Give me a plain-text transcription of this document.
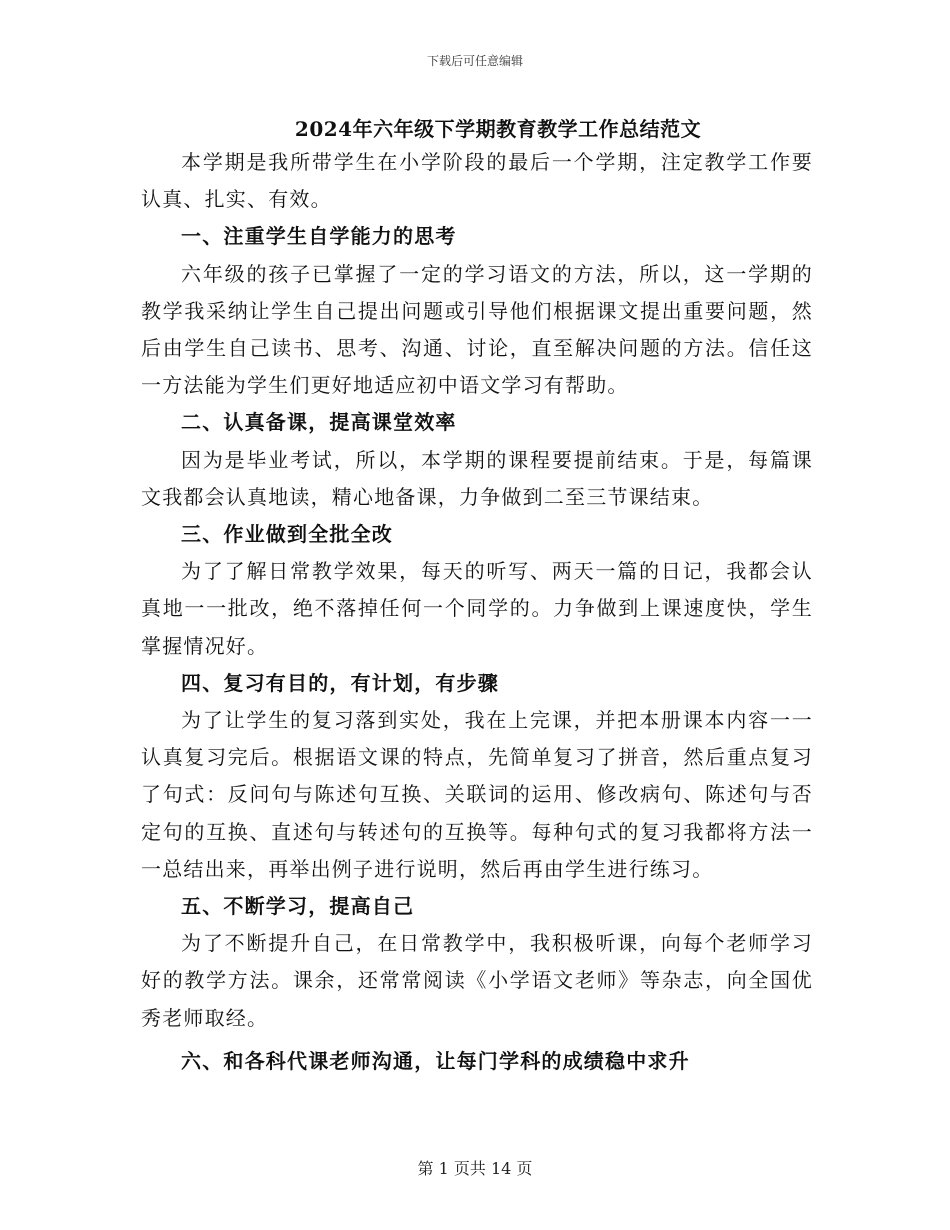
下载后可任意编辑
2024年六年级下学期教育教学工作总结范文

本学期是我所带学生在小学阶段的最后一个学期，注定教学工作要认真、扎实、有效。

一、注重学生自学能力的思考

六年级的孩子已掌握了一定的学习语文的方法，所以，这一学期的教学我采纳让学生自己提出问题或引导他们根据课文提出重要问题，然后由学生自己读书、思考、沟通、讨论，直至解决问题的方法。信任这一方法能为学生们更好地适应初中语文学习有帮助。

二、认真备课，提高课堂效率

因为是毕业考试，所以，本学期的课程要提前结束。于是，每篇课文我都会认真地读，精心地备课，力争做到二至三节课结束。

三、作业做到全批全改

为了了解日常教学效果，每天的听写、两天一篇的日记，我都会认真地一一批改，绝不落掉任何一个同学的。力争做到上课速度快，学生掌握情况好。

四、复习有目的，有计划，有步骤

为了让学生的复习落到实处，我在上完课，并把本册课本内容一一认真复习完后。根据语文课的特点，先简单复习了拼音，然后重点复习了句式：反问句与陈述句互换、关联词的运用、修改病句、陈述句与否定句的互换、直述句与转述句的互换等。每种句式的复习我都将方法一一总结出来，再举出例子进行说明，然后再由学生进行练习。

五、不断学习，提高自己

为了不断提升自己，在日常教学中，我积极听课，向每个老师学习好的教学方法。课余，还常常阅读《小学语文老师》等杂志，向全国优秀老师取经。

六、和各科代课老师沟通，让每门学科的成绩稳中求升

第 1 页共 14 页
